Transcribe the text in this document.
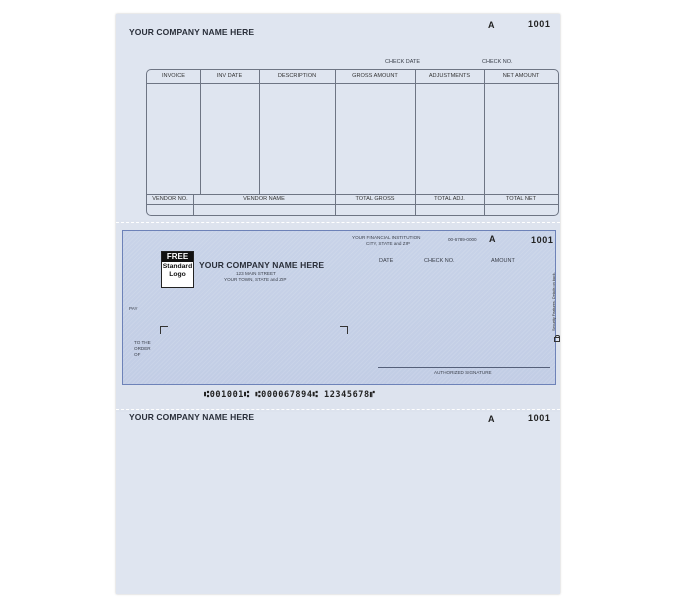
YOUR COMPANY NAME HERE
A	1001
CHECK DATE	CHECK NO.
INVOICE	INV DATE	DESCRIPTION	GROSS AMOUNT	ADJUSTMENTS	NET AMOUNT
VENDOR NO.	VENDOR NAME	TOTAL GROSS	TOTAL ADJ.	TOTAL NET
FREE
Standard
Logo
YOUR COMPANY NAME HERE
123 MAIN STREET
YOUR TOWN, STATE and ZIP
YOUR FINANCIAL INSTITUTION
CITY, STATE and ZIP
00-6789-0000 A	1001
DATE	CHECK NO.	AMOUNT
PAY
TO THE
ORDER
OF
AUTHORIZED SIGNATURE
Security Features. Details on back.
⑆001001⑆ ⑆000067894⑆ 12345678⑈
YOUR COMPANY NAME HERE	A	1001
